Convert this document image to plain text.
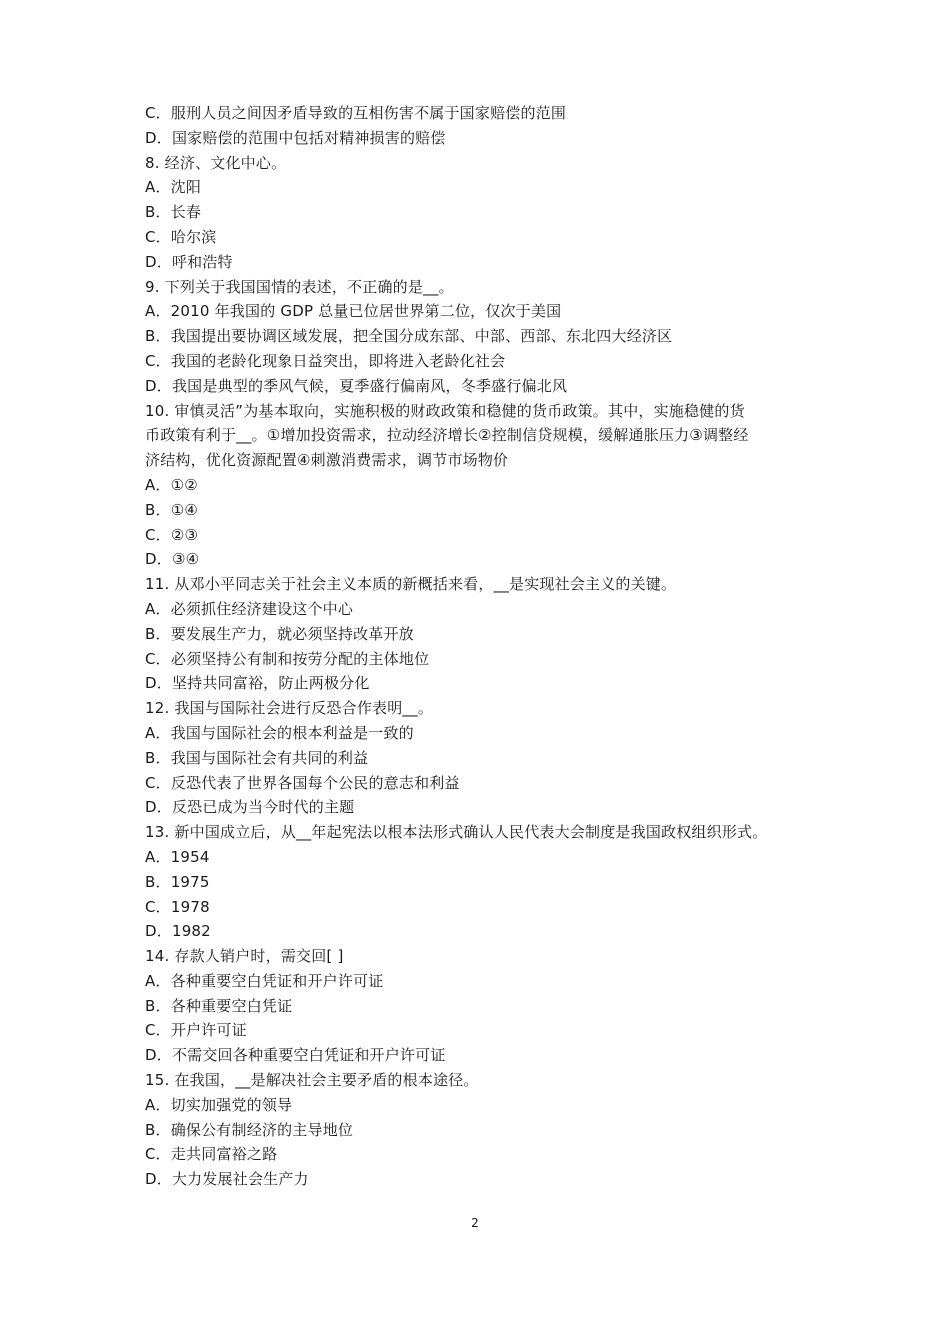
C．服刑人员之间因矛盾导致的互相伤害不属于国家赔偿的范围
D．国家赔偿的范围中包括对精神损害的赔偿
8. 经济、文化中心。
A．沈阳
B．长春
C．哈尔滨
D．呼和浩特
9. 下列关于我国国情的表述，不正确的是__。
A．2010 年我国的 GDP 总量已位居世界第二位，仅次于美国
B．我国提出要协调区域发展，把全国分成东部、中部、西部、东北四大经济区
C．我国的老龄化现象日益突出，即将进入老龄化社会
D．我国是典型的季风气候，夏季盛行偏南风，冬季盛行偏北风
10. 审慎灵活”为基本取向，实施积极的财政政策和稳健的货币政策。其中，实施稳健的货
币政策有利于__。①增加投资需求，拉动经济增长②控制信贷规模，缓解通胀压力③调整经
济结构，优化资源配置④刺激消费需求，调节市场物价
A．①②
B．①④
C．②③
D．③④
11. 从邓小平同志关于社会主义本质的新概括来看，__是实现社会主义的关键。
A．必须抓住经济建设这个中心
B．要发展生产力，就必须坚持改革开放
C．必须坚持公有制和按劳分配的主体地位
D．坚持共同富裕，防止两极分化
12. 我国与国际社会进行反恐合作表明__。
A．我国与国际社会的根本利益是一致的
B．我国与国际社会有共同的利益
C．反恐代表了世界各国每个公民的意志和利益
D．反恐已成为当今时代的主题
13. 新中国成立后，从__年起宪法以根本法形式确认人民代表大会制度是我国政权组织形式。
A．1954
B．1975
C．1978
D．1982
14. 存款人销户时，需交回[ ]
A．各种重要空白凭证和开户许可证
B．各种重要空白凭证
C．开户许可证
D．不需交回各种重要空白凭证和开户许可证
15. 在我国，__是解决社会主要矛盾的根本途径。
A．切实加强党的领导
B．确保公有制经济的主导地位
C．走共同富裕之路
D．大力发展社会生产力
2
